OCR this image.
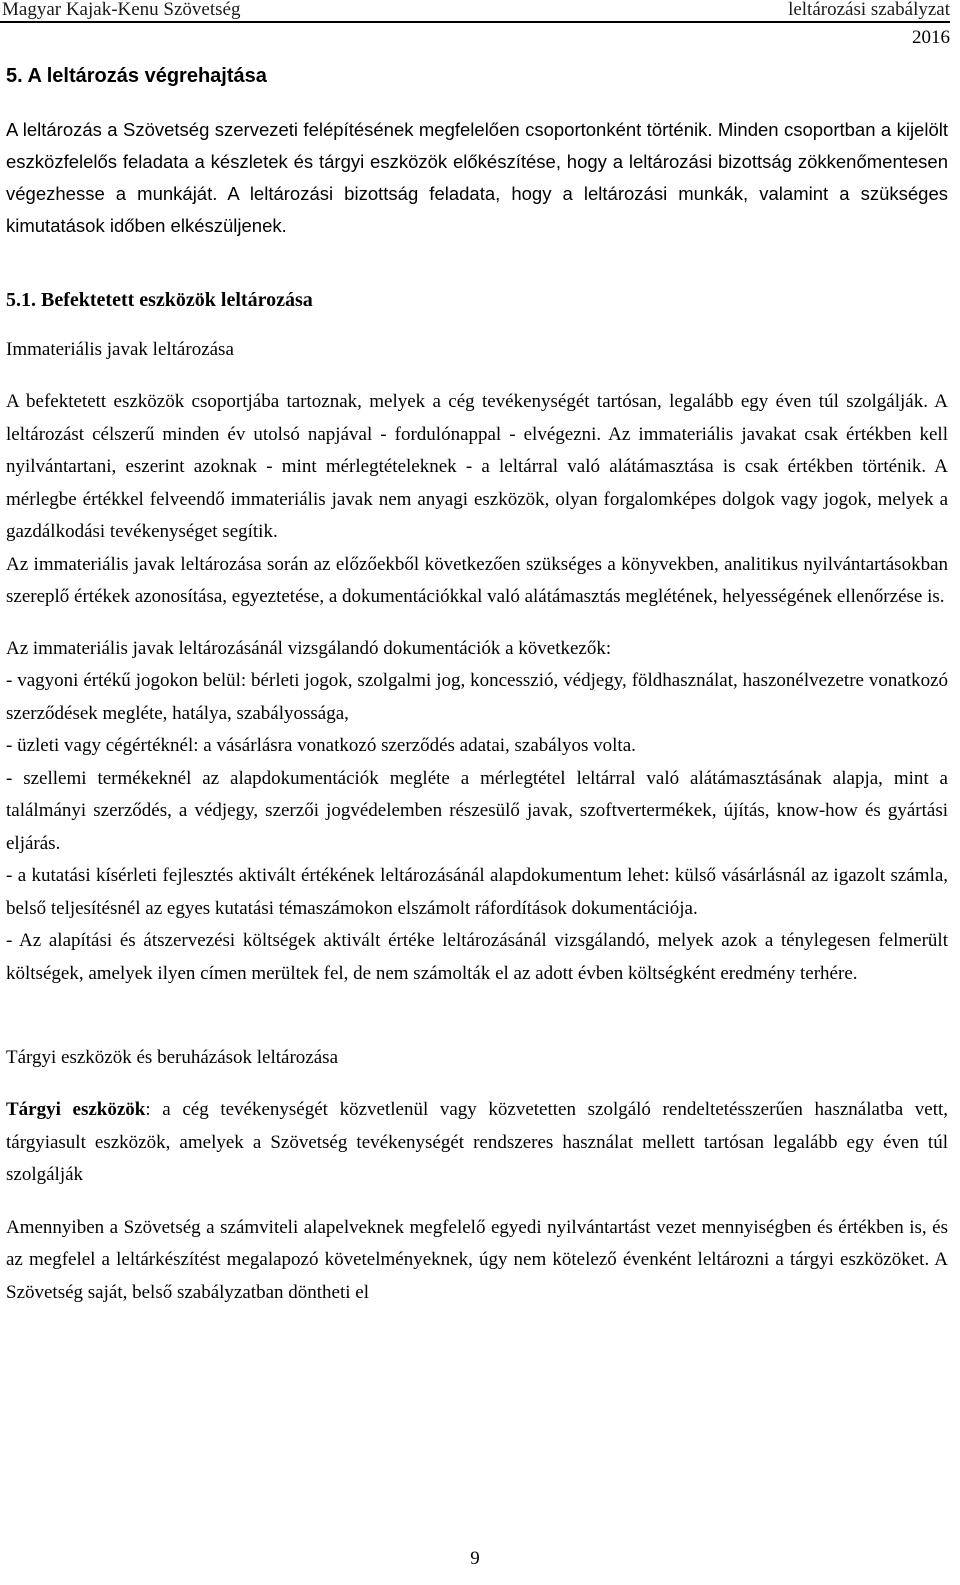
Magyar Kajak-Kenu Szövetség	leltározási szabályzat
2016
5. A leltározás végrehajtása

A leltározás a Szövetség szervezeti felépítésének megfelelően csoportonként történik. Minden csoportban a kijelölt eszközfelelős feladata a készletek és tárgyi eszközök előkészítése, hogy a leltározási bizottság zökkenőmentesen végezhesse a munkáját. A leltározási bizottság feladata, hogy a leltározási munkák, valamint a szükséges kimutatások időben elkészüljenek.

5.1. Befektetett eszközök leltározása

Immateriális javak leltározása

A befektetett eszközök csoportjába tartoznak, melyek a cég tevékenységét tartósan, legalább egy éven túl szolgálják. A leltározást célszerű minden év utolsó napjával - fordulónappal - elvégezni. Az immateriális javakat csak értékben kell nyilvántartani, eszerint azoknak - mint mérlegtételeknek - a leltárral való alátámasztása is csak értékben történik. A mérlegbe értékkel felveendő immateriális javak nem anyagi eszközök, olyan forgalomképes dolgok vagy jogok, melyek a gazdálkodási tevékenységet segítik.

Az immateriális javak leltározása során az előzőekből következően szükséges a könyvekben, analitikus nyilvántartásokban szereplő értékek azonosítása, egyeztetése, a dokumentációkkal való alátámasztás meglétének, helyességének ellenőrzése is.

Az immateriális javak leltározásánál vizsgálandó dokumentációk a következők:

- vagyoni értékű jogokon belül: bérleti jogok, szolgalmi jog, koncesszió, védjegy, földhasználat, haszonélvezetre vonatkozó szerződések megléte, hatálya, szabályossága,

- üzleti vagy cégértéknél: a vásárlásra vonatkozó szerződés adatai, szabályos volta.

- szellemi termékeknél az alapdokumentációk megléte a mérlegtétel leltárral való alátámasztásának alapja, mint a találmányi szerződés, a védjegy, szerzői jogvédelemben részesülő javak, szoftvertermékek, újítás, know-how és gyártási eljárás.

- a kutatási kísérleti fejlesztés aktivált értékének leltározásánál alapdokumentum lehet: külső vásárlásnál az igazolt számla, belső teljesítésnél az egyes kutatási témaszámokon elszámolt ráfordítások dokumentációja.

- Az alapítási és átszervezési költségek aktivált értéke leltározásánál vizsgálandó, melyek azok a ténylegesen felmerült költségek, amelyek ilyen címen merültek fel, de nem számolták el az adott évben költségként eredmény terhére.

Tárgyi eszközök és beruházások leltározása

Tárgyi eszközök: a cég tevékenységét közvetlenül vagy közvetetten szolgáló rendeltetésszerűen használatba vett, tárgyiasult eszközök, amelyek a Szövetség tevékenységét rendszeres használat mellett tartósan legalább egy éven túl szolgálják

Amennyiben a Szövetség a számviteli alapelveknek megfelelő egyedi nyilvántartást vezet mennyiségben és értékben is, és az megfelel a leltárkészítést megalapozó követelményeknek, úgy nem kötelező évenként leltározni a tárgyi eszközöket. A Szövetség saját, belső szabályzatban döntheti el

9
